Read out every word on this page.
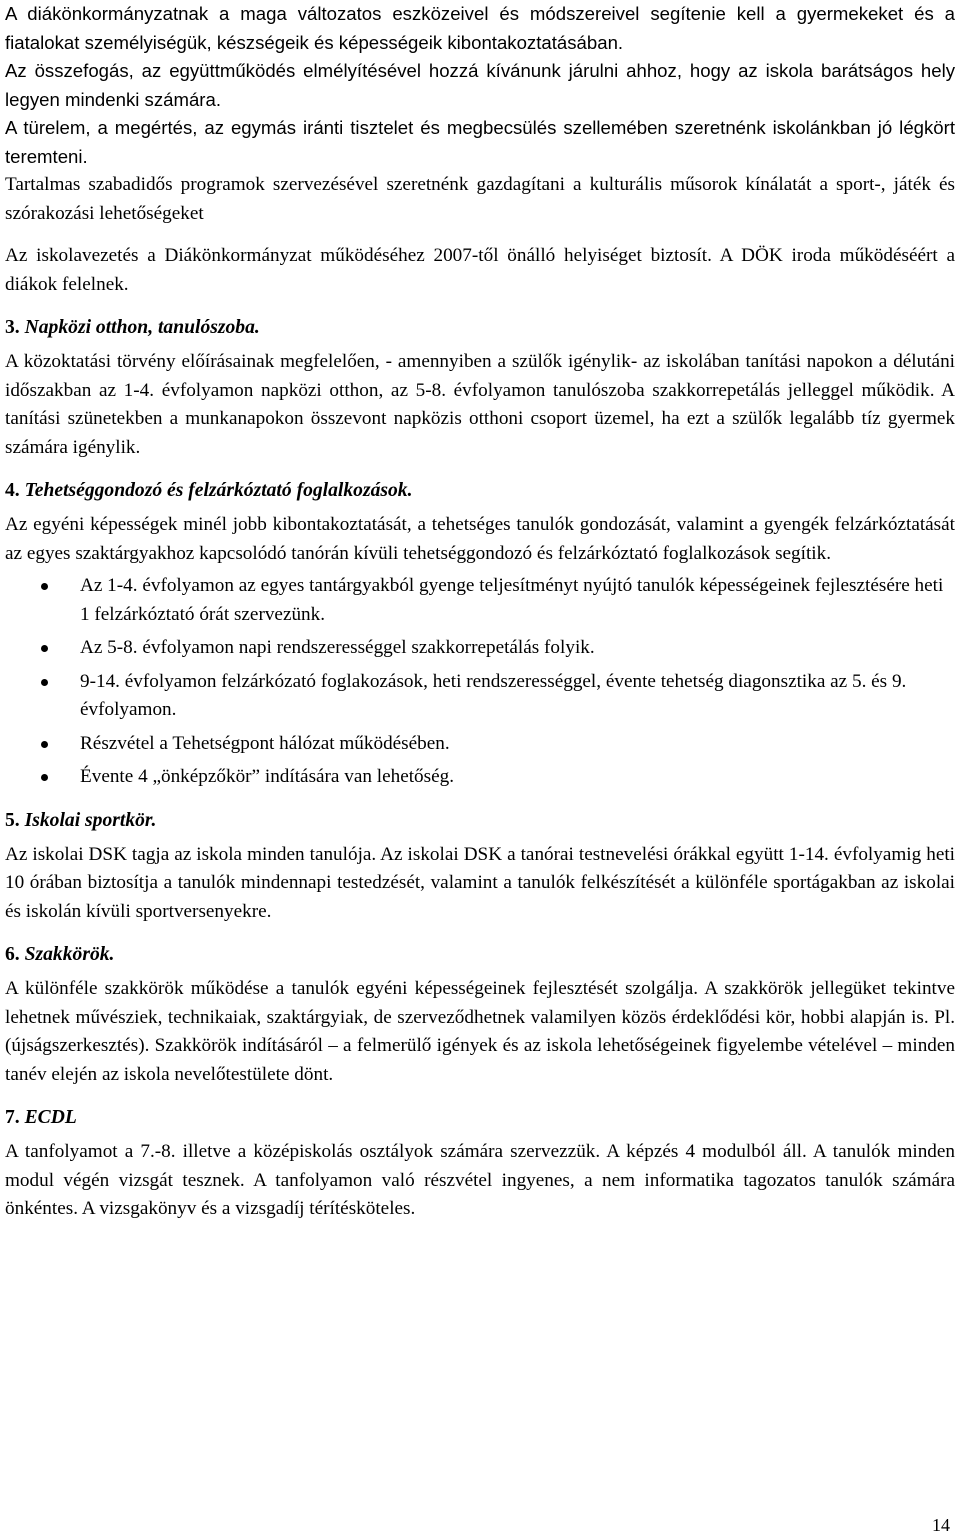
A diákönkormányzatnak a maga változatos eszközeivel és módszereivel segítenie kell a gyermekeket és a fiatalokat személyiségük, készségeik és képességeik kibontakoztatásában.

Az összefogás, az együttműködés elmélyítésével hozzá kívánunk járulni ahhoz, hogy az iskola barátságos hely legyen mindenki számára.

A türelem, a megértés, az egymás iránti tisztelet és megbecsülés szellemében szeretnénk iskolánkban jó légkört teremteni.

Tartalmas szabadidős programok szervezésével szeretnénk gazdagítani a kulturális műsorok kínálatát a sport-, játék és szórakozási lehetőségeket

Az iskolavezetés a Diákönkormányzat működéséhez 2007-től önálló helyiséget biztosít. A DÖK iroda működéséért a diákok felelnek.

3. Napközi otthon, tanulószoba.

A közoktatási törvény előírásainak megfelelően, - amennyiben a szülők igénylik- az iskolában tanítási napokon a délutáni időszakban az 1-4. évfolyamon napközi otthon, az 5-8. évfolyamon tanulószoba szakkorrepetálás jelleggel működik. A tanítási szünetekben a munkanapokon összevont napközis otthoni csoport üzemel, ha ezt a szülők legalább tíz gyermek számára igénylik.

4. Tehetséggondozó és felzárkóztató foglalkozások.

Az egyéni képességek minél jobb kibontakoztatását, a tehetséges tanulók gondozását, valamint a gyengék felzárkóztatását az egyes szaktárgyakhoz kapcsolódó tanórán kívüli tehetséggondozó és felzárkóztató foglalkozások segítik.

Az 1-4. évfolyamon az egyes tantárgyakból gyenge teljesítményt nyújtó tanulók képességeinek fejlesztésére heti 1 felzárkóztató órát szervezünk.
Az 5-8. évfolyamon napi rendszerességgel szakkorrepetálás folyik.
9-14. évfolyamon felzárkózató foglakozások, heti rendszerességgel, évente tehetség diagonsztika az 5. és 9. évfolyamon.
Részvétel a Tehetségpont hálózat működésében.
Évente 4 „önképzőkör” indítására van lehetőség.
5. Iskolai sportkör.

Az iskolai DSK tagja az iskola minden tanulója. Az iskolai DSK a tanórai testnevelési órákkal együtt 1-14. évfolyamig heti 10 órában biztosítja a tanulók mindennapi testedzését, valamint a tanulók felkészítését a különféle sportágakban az iskolai és iskolán kívüli sportversenyekre.

6. Szakkörök.

A különféle szakkörök működése a tanulók egyéni képességeinek fejlesztését szolgálja. A szakkörök jellegüket tekintve lehetnek művésziek, technikaiak, szaktárgyiak, de szerveződhetnek valamilyen közös érdeklődési kör, hobbi alapján is. Pl. (újságszerkesztés). Szakkörök indításáról – a felmerülő igények és az iskola lehetőségeinek figyelembe vételével – minden tanév elején az iskola nevelőtestülete dönt.

7. ECDL

A tanfolyamot a 7.-8. illetve a középiskolás osztályok számára szervezzük. A képzés 4 modulból áll. A tanulók minden modul végén vizsgát tesznek. A tanfolyamon való részvétel ingyenes, a nem informatika tagozatos tanulók számára önkéntes. A vizsgakönyv és a vizsgadíj térítésköteles.

14
